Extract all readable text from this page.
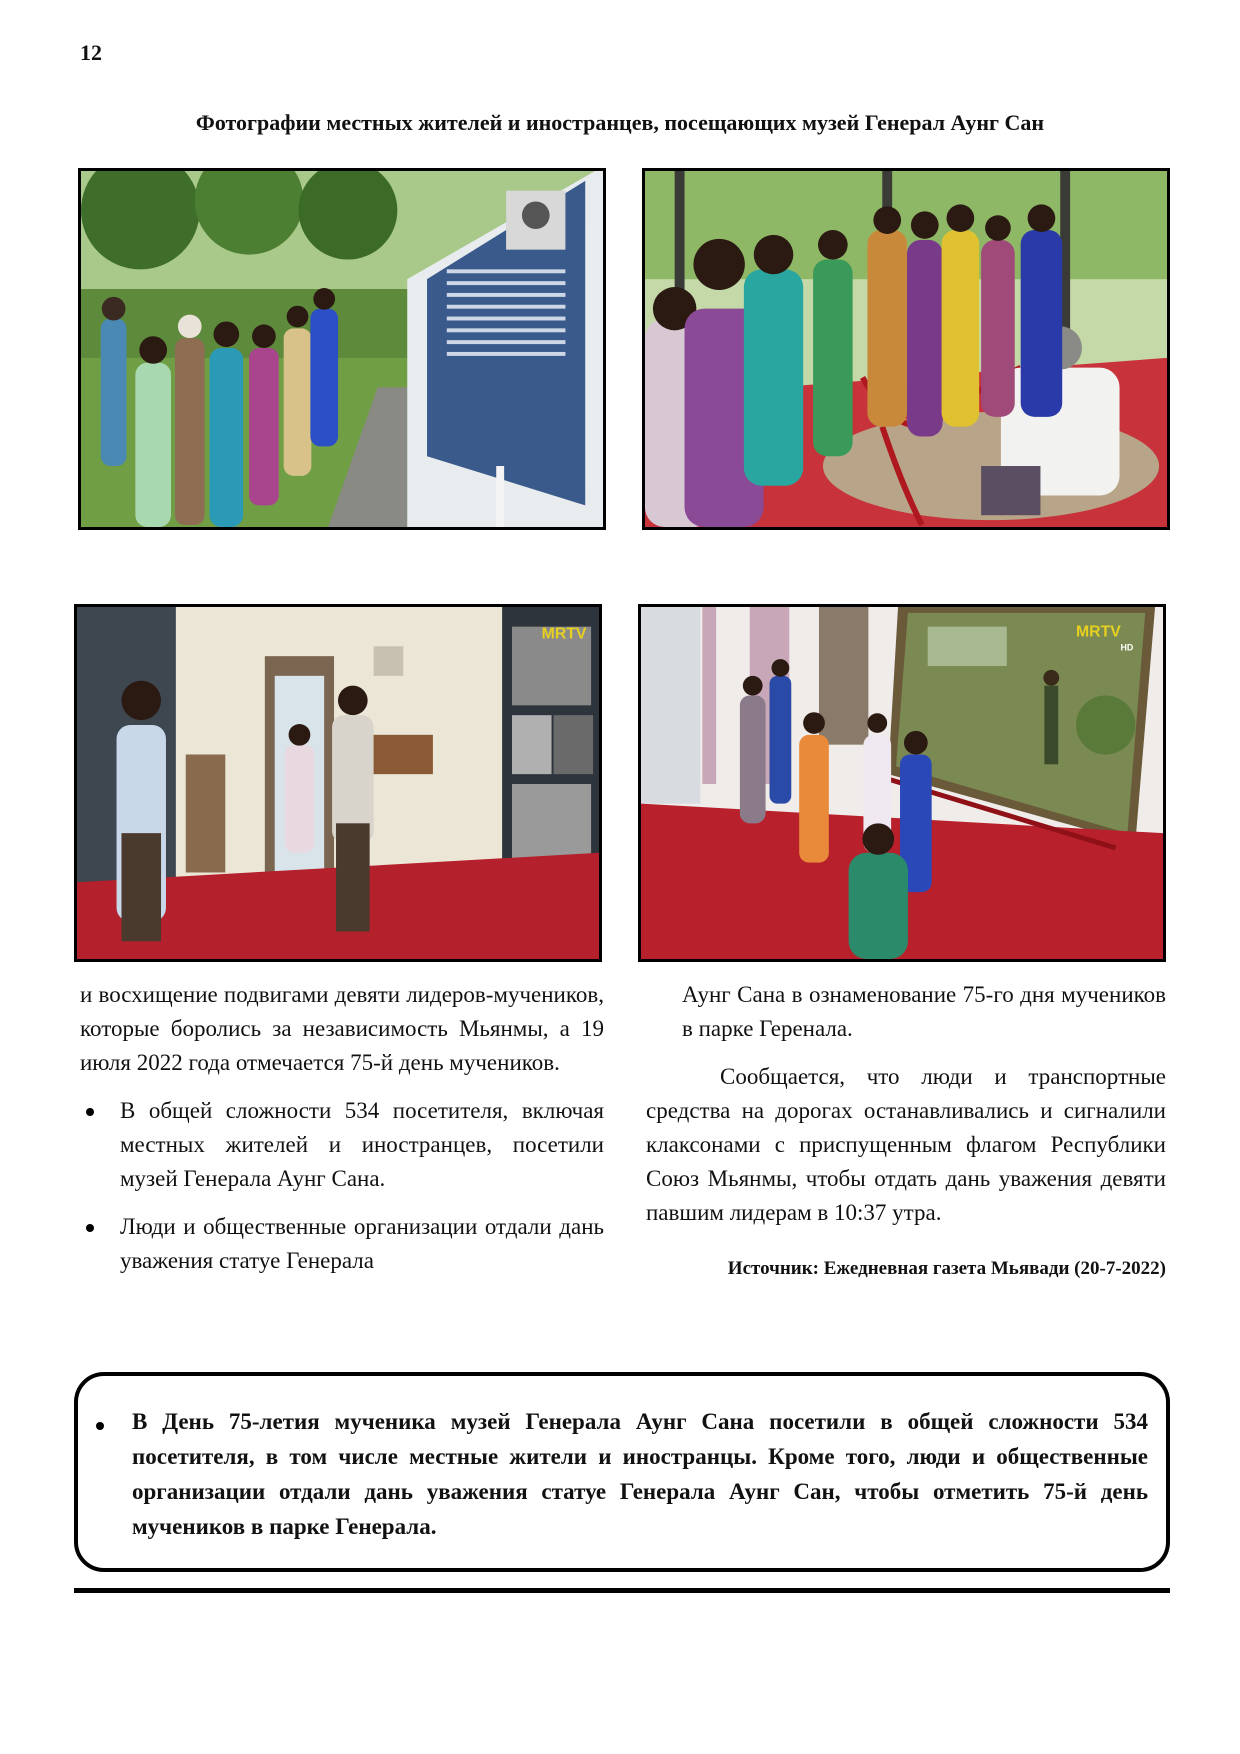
12
Фотографии местных жителей и иностранцев, посещающих музей Генерал Аунг Сан
MRTV	MRTV
HD

и восхищение подвигами девяти лидеров-мучеников, которые боролись за независимость Мьянмы, а 19 июля 2022 года отмечается 75-й день мучеников.

В общей сложности 534 посетителя, включая местных жителей и иностранцев, посетили музей Генерала Аунг Сана.
Люди и общественные организации отдали дань уважения статуе Генерала

Аунг Сана в ознаменование 75-го дня мучеников в парке Геренала.

Сообщается, что люди и транспортные средства на дорогах останавливались и сигналили клаксонами с приспущенным флагом Республики Союз Мьянмы, чтобы отдать дань уважения девяти павшим лидерам в 10:37 утра.

Источник: Ежедневная газета Мьявади (20-7-2022)
В День 75-летия мученика музей Генерала Аунг Сана посетили в общей сложности 534 посетителя, в том числе местные жители и иностранцы. Кроме того, люди и общественные организации отдали дань уважения статуе Генерала Аунг Сан, чтобы отметить 75-й день мучеников в парке Генерала.
